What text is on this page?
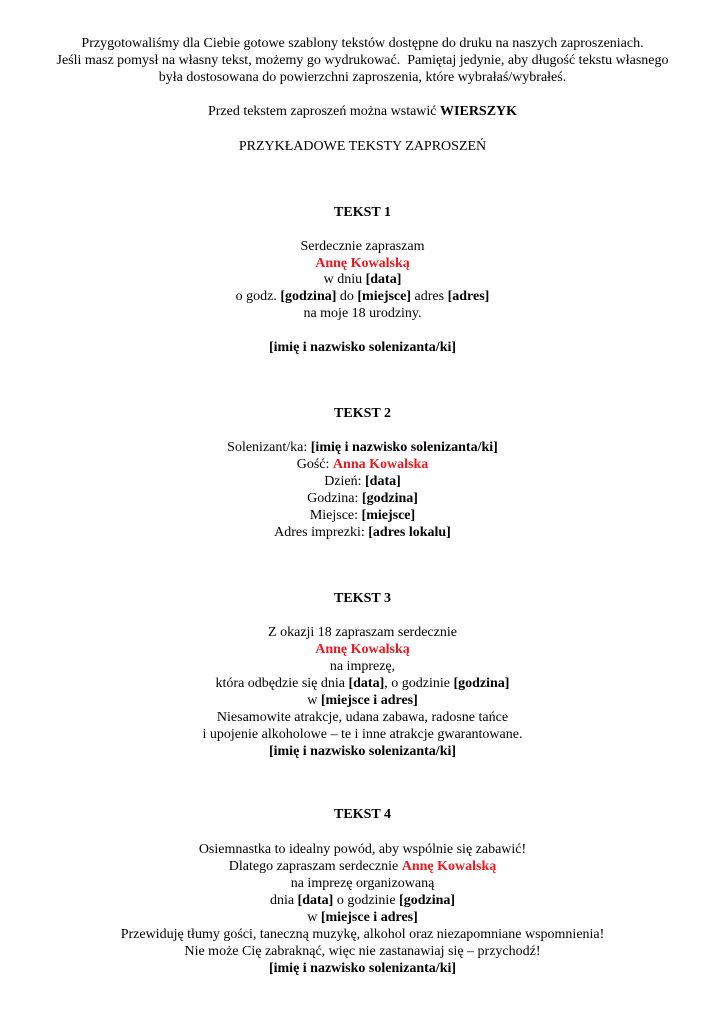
Przygotowaliśmy dla Ciebie gotowe szablony tekstów dostępne do druku na naszych zaproszeniach.
Jeśli masz pomysł na własny tekst, możemy go wydrukować.  Pamiętaj jedynie, aby długość tekstu własnego
była dostosowana do powierzchni zaproszenia, które wybrałaś/wybrałeś.
Przed tekstem zaproszeń można wstawić WIERSZYK
PRZYKŁADOWE TEKSTY ZAPROSZEŃ
TEKST 1
Serdecznie zapraszam
Annę Kowalską
w dniu [data]
o godz. [godzina] do [miejsce] adres [adres]
na moje 18 urodziny.
[imię i nazwisko solenizanta/ki]
TEKST 2
Solenizant/ka: [imię i nazwisko solenizanta/ki]
Gość: Anna Kowalska
Dzień: [data]
Godzina: [godzina]
Miejsce: [miejsce]
Adres imprezki: [adres lokalu]
TEKST 3
Z okazji 18 zapraszam serdecznie
Annę Kowalską
na imprezę,
która odbędzie się dnia [data], o godzinie [godzina]
w [miejsce i adres]
Niesamowite atrakcje, udana zabawa, radosne tańce
i upojenie alkoholowe – te i inne atrakcje gwarantowane.
[imię i nazwisko solenizanta/ki]
TEKST 4
Osiemnastka to idealny powód, aby wspólnie się zabawić!
Dlatego zapraszam serdecznie Annę Kowalską
na imprezę organizowaną
dnia [data] o godzinie [godzina]
w [miejsce i adres]
Przewiduję tłumy gości, taneczną muzykę, alkohol oraz niezapomniane wspomnienia!
Nie może Cię zabraknąć, więc nie zastanawiaj się – przychodź!
[imię i nazwisko solenizanta/ki]
